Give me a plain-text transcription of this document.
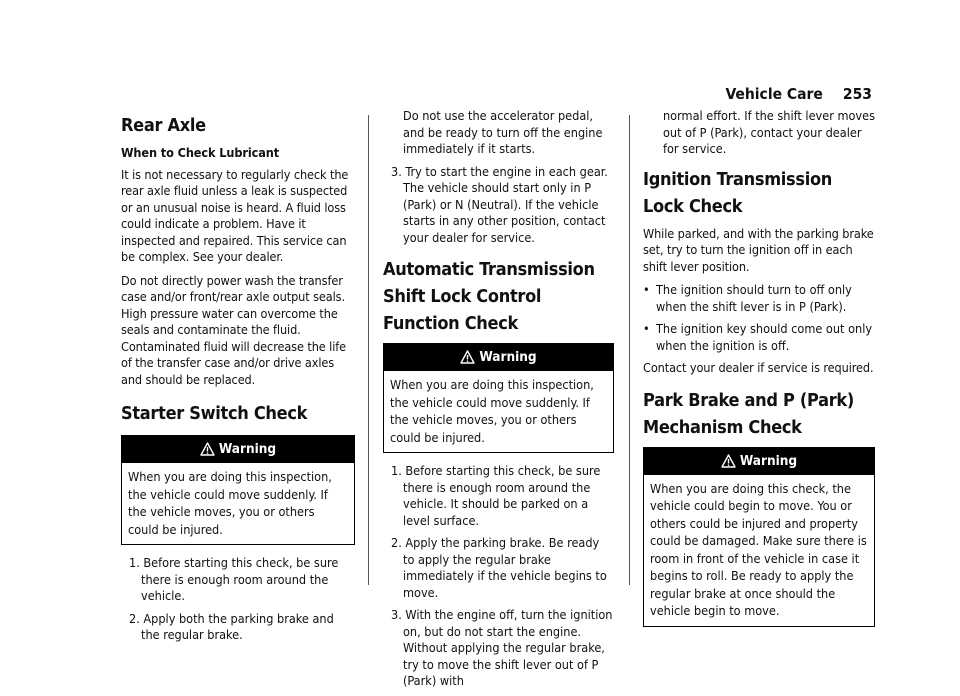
Vehicle Care 253
Rear Axle

When to Check Lubricant

It is not necessary to regularly check the rear axle fluid unless a leak is suspected or an unusual noise is heard. A fluid loss could indicate a problem. Have it inspected and repaired. This service can be complex. See your dealer.

Do not directly power wash the transfer case and/or front/rear axle output seals. High pressure water can overcome the seals and contaminate the fluid. Contaminated fluid will decrease the life of the transfer case and/or drive axles and should be replaced.

Starter Switch Check
Warning
When you are doing this inspection, the vehicle could move suddenly. If the vehicle moves, you or others could be injured.
1. Before starting this check, be sure there is enough room around the vehicle.
2. Apply both the parking brake and the regular brake.
Do not use the accelerator pedal, and be ready to turn off the engine immediately if it starts.
3. Try to start the engine in each gear. The vehicle should start only in P (Park) or N (Neutral). If the vehicle starts in any other position, contact your dealer for service.
Automatic Transmission Shift Lock Control Function Check
Warning
When you are doing this inspection, the vehicle could move suddenly. If the vehicle moves, you or others could be injured.
1. Before starting this check, be sure there is enough room around the vehicle. It should be parked on a level surface.
2. Apply the parking brake. Be ready to apply the regular brake immediately if the vehicle begins to move.
3. With the engine off, turn the ignition on, but do not start the engine. Without applying the regular brake, try to move the shift lever out of P (Park) with
normal effort. If the shift lever moves out of P (Park), contact your dealer for service.
Ignition Transmission Lock Check

While parked, and with the parking brake set, try to turn the ignition off in each shift lever position.

• The ignition should turn to off only when the shift lever is in P (Park).
• The ignition key should come out only when the ignition is off.

Contact your dealer if service is required.

Park Brake and P (Park) Mechanism Check
Warning
When you are doing this check, the vehicle could begin to move. You or others could be injured and property could be damaged. Make sure there is room in front of the vehicle in case it begins to roll. Be ready to apply the regular brake at once should the vehicle begin to move.
